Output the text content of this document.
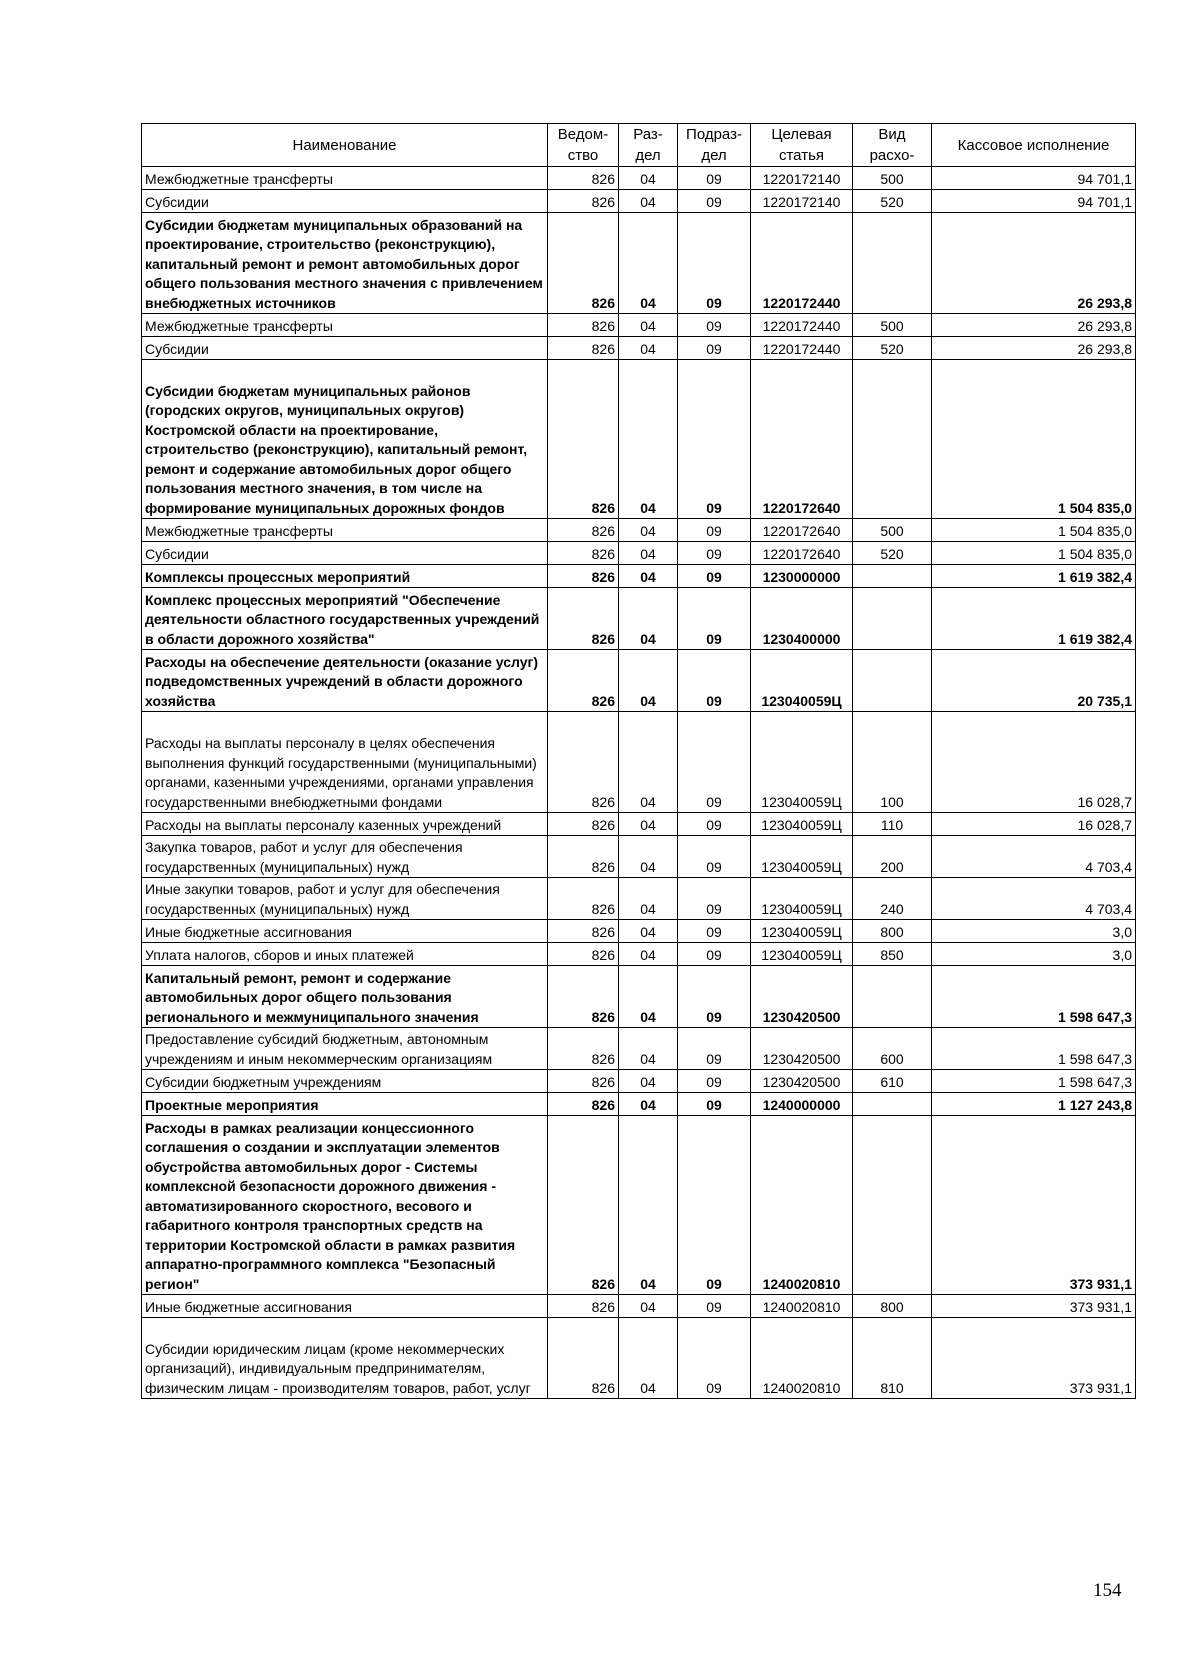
Наименование	Ведом-ство	Раз-дел	Подраз-дел	Целевая статья	Вид расхо-	Кассовое исполнение
Межбюджетные трансферты	826	04	09	1220172140	500	94 701,1
Субсидии	826	04	09	1220172140	520	94 701,1
Субсидии бюджетам муниципальных образований на проектирование, строительство (реконструкцию), капитальный ремонт и ремонт автомобильных дорог общего пользования местного значения с привлечением внебюджетных источников	826	04	09	1220172440		26 293,8
Межбюджетные трансферты	826	04	09	1220172440	500	26 293,8
Субсидии	826	04	09	1220172440	520	26 293,8
Субсидии бюджетам муниципальных районов (городских округов, муниципальных округов) Костромской области на проектирование, строительство (реконструкцию), капитальный ремонт, ремонт и содержание автомобильных дорог общего пользования местного значения, в том числе на формирование муниципальных дорожных фондов	826	04	09	1220172640		1 504 835,0
Межбюджетные трансферты	826	04	09	1220172640	500	1 504 835,0
Субсидии	826	04	09	1220172640	520	1 504 835,0
Комплексы процессных мероприятий	826	04	09	1230000000		1 619 382,4
Комплекс процессных мероприятий "Обеспечение деятельности областного государственных учреждений в области дорожного хозяйства"	826	04	09	1230400000		1 619 382,4
Расходы на обеспечение деятельности (оказание услуг) подведомственных учреждений в области дорожного хозяйства	826	04	09	123040059Ц		20 735,1
Расходы на выплаты персоналу в целях обеспечения выполнения функций государственными (муниципальными) органами, казенными учреждениями, органами управления государственными внебюджетными фондами	826	04	09	123040059Ц	100	16 028,7
Расходы на выплаты персоналу казенных учреждений	826	04	09	123040059Ц	110	16 028,7
Закупка товаров, работ и услуг для обеспечения государственных (муниципальных) нужд	826	04	09	123040059Ц	200	4 703,4
Иные закупки товаров, работ и услуг для обеспечения государственных (муниципальных) нужд	826	04	09	123040059Ц	240	4 703,4
Иные бюджетные ассигнования	826	04	09	123040059Ц	800	3,0
Уплата налогов, сборов и иных платежей	826	04	09	123040059Ц	850	3,0
Капитальный ремонт, ремонт и содержание автомобильных дорог общего пользования регионального и межмуниципального значения	826	04	09	1230420500		1 598 647,3
Предоставление субсидий бюджетным, автономным учреждениям и иным некоммерческим организациям	826	04	09	1230420500	600	1 598 647,3
Субсидии бюджетным учреждениям	826	04	09	1230420500	610	1 598 647,3
Проектные мероприятия	826	04	09	1240000000		1 127 243,8
Расходы в рамках реализации концессионного соглашения о создании и эксплуатации элементов обустройства автомобильных дорог - Системы комплексной безопасности дорожного движения - автоматизированного скоростного, весового и габаритного контроля транспортных средств на территории Костромской области в рамках развития аппаратно-программного комплекса "Безопасный регион"	826	04	09	1240020810		373 931,1
Иные бюджетные ассигнования	826	04	09	1240020810	800	373 931,1
Субсидии юридическим лицам (кроме некоммерческих организаций), индивидуальным предпринимателям, физическим лицам - производителям товаров, работ, услуг	826	04	09	1240020810	810	373 931,1
154
